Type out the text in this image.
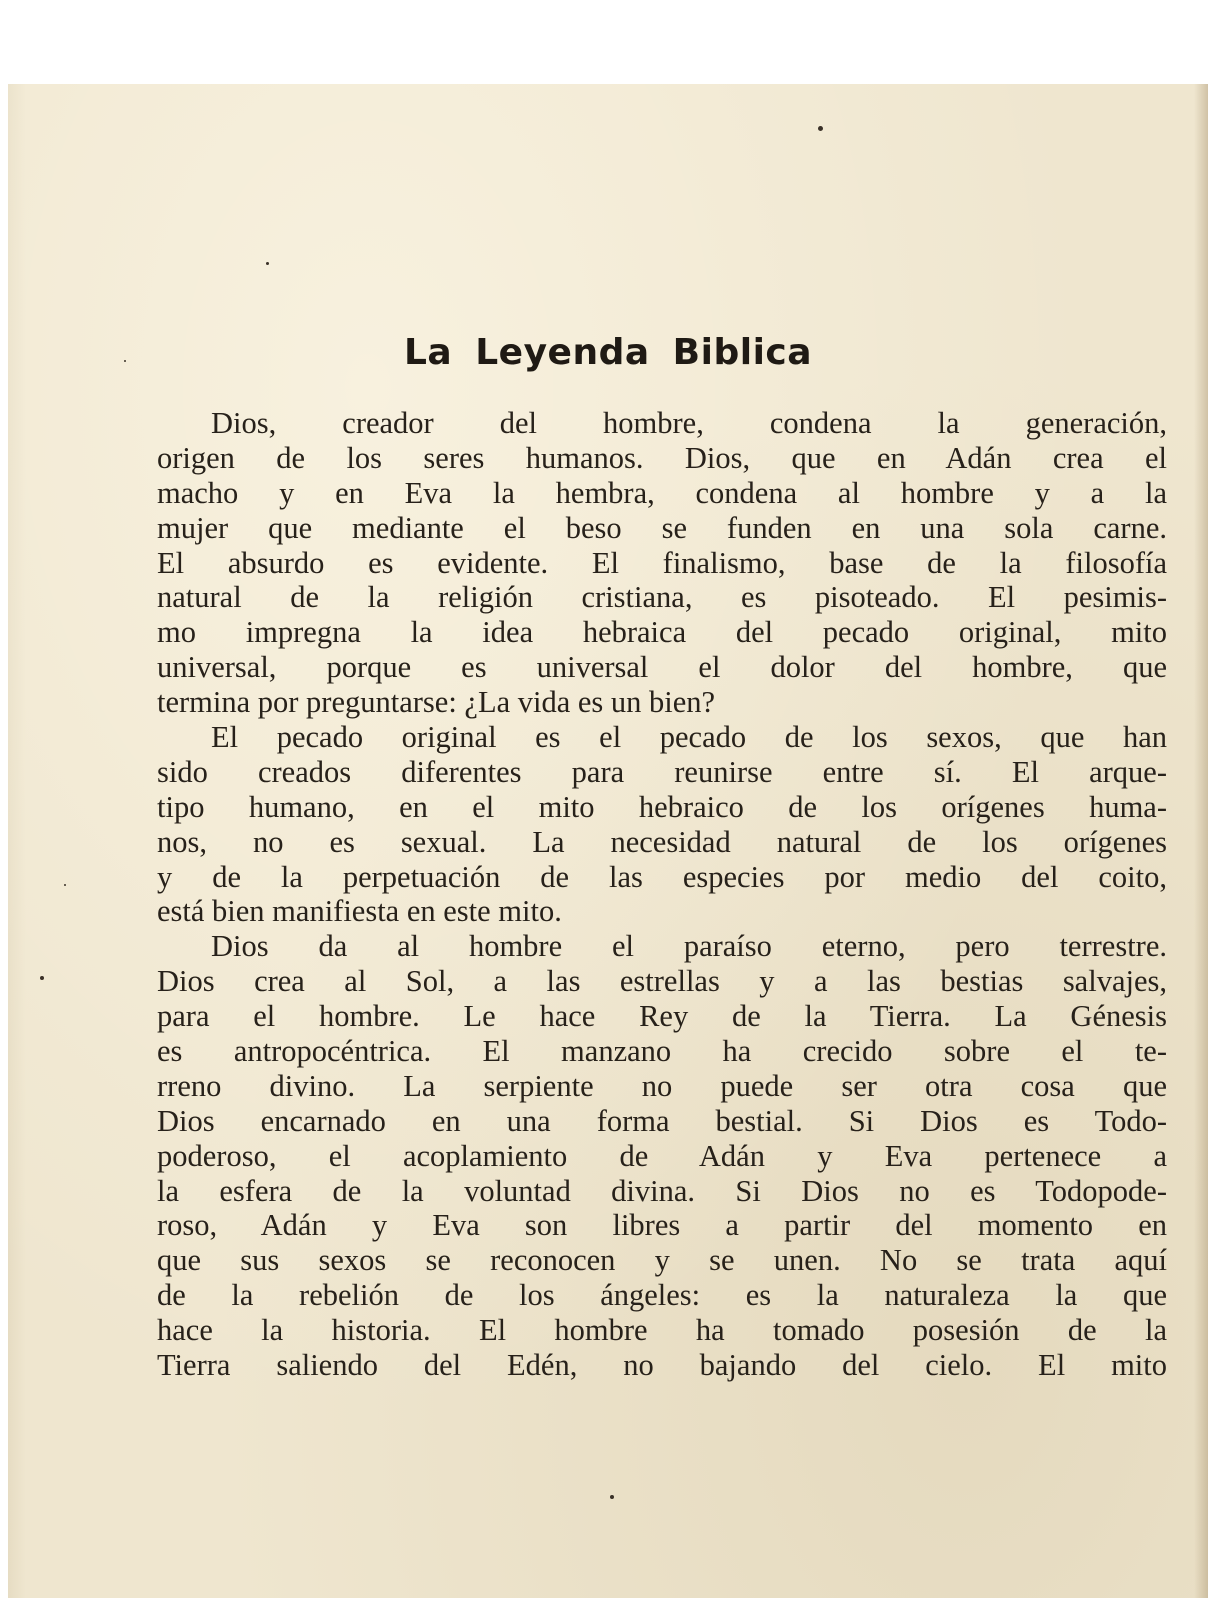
La Leyenda Biblica
Dios, creador del hombre, condena la generación,
origen de los seres humanos. Dios, que en Adán crea el
macho y en Eva la hembra, condena al hombre y a la
mujer que mediante el beso se funden en una sola carne.
El absurdo es evidente. El finalismo, base de la filosofía
natural de la religión cristiana, es pisoteado. El pesimis-
mo impregna la idea hebraica del pecado original, mito
universal, porque es universal el dolor del hombre, que
termina por preguntarse: ¿La vida es un bien?
El pecado original es el pecado de los sexos, que han
sido creados diferentes para reunirse entre sí. El arque-
tipo humano, en el mito hebraico de los orígenes huma-
nos, no es sexual. La necesidad natural de los orígenes
y de la perpetuación de las especies por medio del coito,
está bien manifiesta en este mito.
Dios da al hombre el paraíso eterno, pero terrestre.
Dios crea al Sol, a las estrellas y a las bestias salvajes,
para el hombre. Le hace Rey de la Tierra. La Génesis
es antropocéntrica. El manzano ha crecido sobre el te-
rreno divino. La serpiente no puede ser otra cosa que
Dios encarnado en una forma bestial. Si Dios es Todo-
poderoso, el acoplamiento de Adán y Eva pertenece a
la esfera de la voluntad divina. Si Dios no es Todopode-
roso, Adán y Eva son libres a partir del momento en
que sus sexos se reconocen y se unen. No se trata aquí
de la rebelión de los ángeles: es la naturaleza la que
hace la historia. El hombre ha tomado posesión de la
Tierra saliendo del Edén, no bajando del cielo. El mito
